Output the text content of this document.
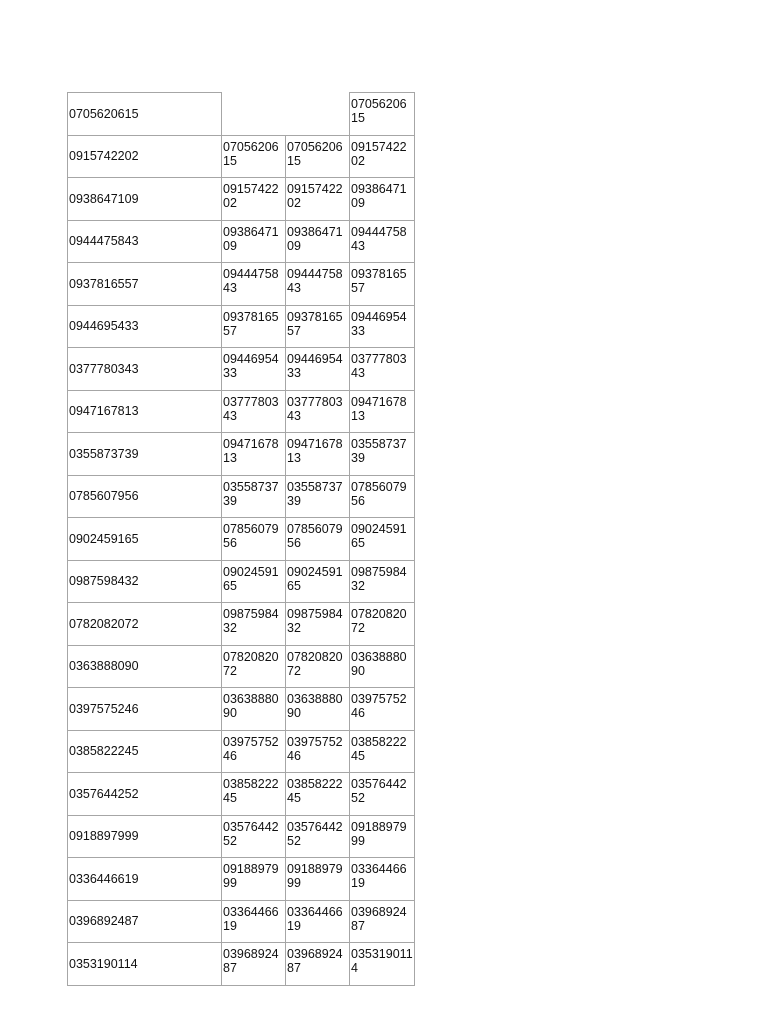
0705620615			0705620615
0915742202	0705620615	0705620615	0915742202
0938647109	0915742202	0915742202	0938647109
0944475843	0938647109	0938647109	0944475843
0937816557	0944475843	0944475843	0937816557
0944695433	0937816557	0937816557	0944695433
0377780343	0944695433	0944695433	0377780343
0947167813	0377780343	0377780343	0947167813
0355873739	0947167813	0947167813	0355873739
0785607956	0355873739	0355873739	0785607956
0902459165	0785607956	0785607956	0902459165
0987598432	0902459165	0902459165	0987598432
0782082072	0987598432	0987598432	0782082072
0363888090	0782082072	0782082072	0363888090
0397575246	0363888090	0363888090	0397575246
0385822245	0397575246	0397575246	0385822245
0357644252	0385822245	0385822245	0357644252
0918897999	0357644252	0357644252	0918897999
0336446619	0918897999	0918897999	0336446619
0396892487	0336446619	0336446619	0396892487
0353190114	0396892487	0396892487	0353190114
